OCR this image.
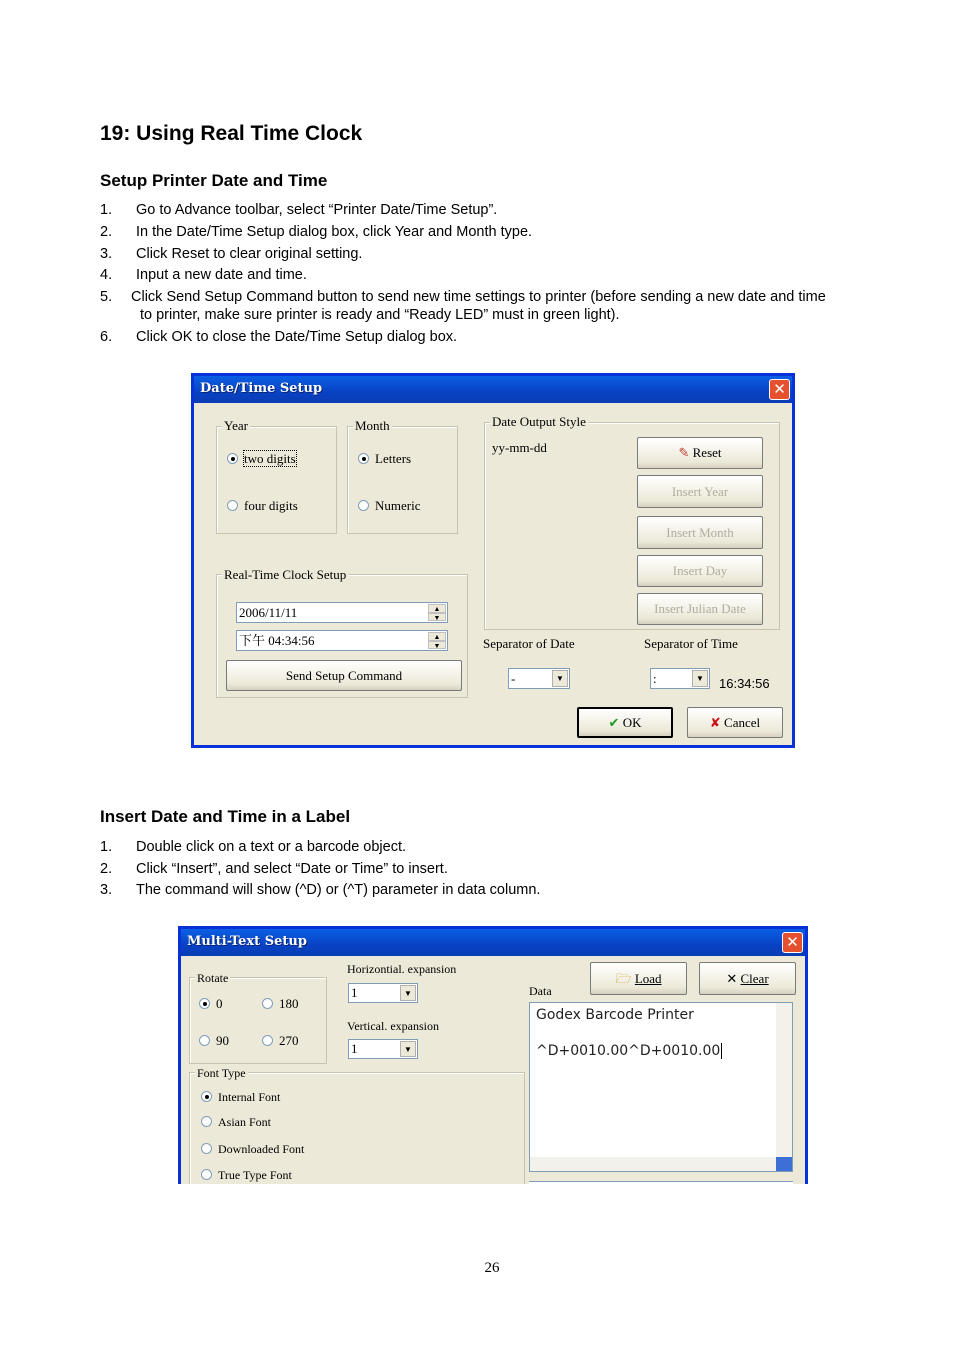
19: Using Real Time Clock
Setup Printer Date and Time
1. Go to Advance toolbar, select “Printer Date/Time Setup”.
2. In the Date/Time Setup dialog box, click Year and Month type.
3. Click Reset to clear original setting.
4. Input a new date and time.
5. Click Send Setup Command button to send new time settings to printer (before sending a new date and time
to printer, make sure printer is ready and “Ready LED” must in green light).
6. Click OK to close the Date/Time Setup dialog box.
Date/Time Setup	✕
Year
two digits
four digits
Month
Letters
Numeric
Real-Time Clock Setup
2006/11/11	▲
▼
下午 04:34:56	▲
▼
Send Setup Command
Date Output Style
yy-mm-dd	✎ Reset
Insert Year
Insert Month
Insert Day
Insert Julian Date
Separator of Date
-	▼
Separator of Time
:	▼	16:34:56
✔ OK	✘ Cancel
Insert Date and Time in a Label
1. Double click on a text or a barcode object.
2. Click “Insert”, and select “Date or Time” to insert.
3. The command will show (^D) or (^T) parameter in data column.
Multi-Text Setup	✕
Rotate
0	180
90	270
Horizontial. expansion
1	▼
Vertical. expansion
1	▼
Font Type
Internal Font
Asian Font
Downloaded Font
True Type Font
Data
🗁 Load	✕ Clear
Godex Barcode Printer
^D+0010.00^D+0010.00
26
